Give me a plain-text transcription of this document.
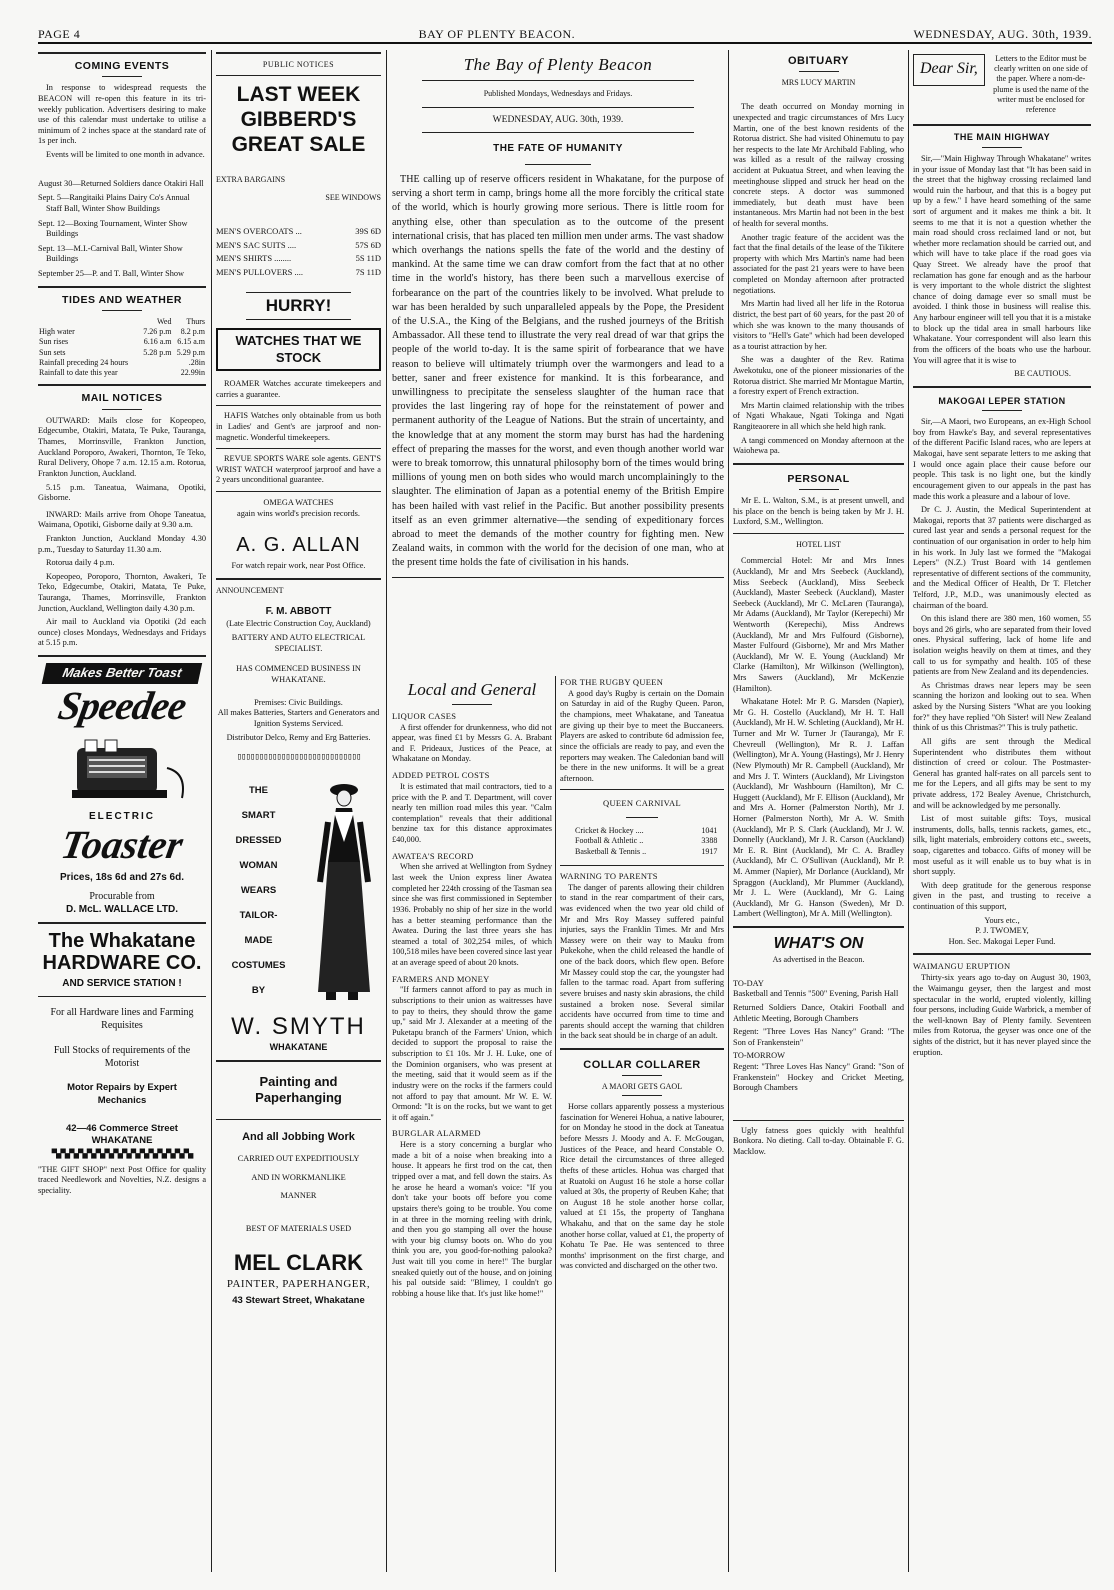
PAGE 4	BAY OF PLENTY BEACON.	WEDNESDAY, AUG. 30th, 1939.
COMING EVENTS

In response to widespread requests the BEACON will re-open this feature in its tri-weekly publication. Advertisers desiring to make use of this calendar must undertake to utilise a minimum of 2 inches space at the standard rate of 1s per inch.

Events will be limited to one month in advance.

August 30—Returned Soldiers dance Otakiri Hall

Sept. 5—Rangitaiki Plains Dairy Co's Annual Staff Ball, Winter Show Buildings

Sept. 12—Boxing Tournament, Winter Show Buildings

Sept. 13—M.I.-Carnival Ball, Winter Show Buildings

September 25—P. and T. Ball, Winter Show

TIDES AND WEATHER
	Wed	Thurs
High water	7.26 p.m	8.2 p.m
Sun rises	6.16 a.m	6.15 a.m
Sun sets	5.28 p.m	5.29 p.m
Rainfall preceding 24 hours	.28in	
Rainfall to date this year	22.99in	
MAIL NOTICES

OUTWARD: Mails close for Kopeopeo, Edgecumbe, Otakiri, Matata, Te Puke, Tauranga, Thames, Morrinsville, Frankton Junction, Auckland Poroporo, Awakeri, Thornton, Te Teko, Rural Delivery, Ohope 7 a.m. 12.15 a.m. Rotorua, Frankton Junction, Auckland.

5.15 p.m. Taneatua, Waimana, Opotiki, Gisborne.

INWARD: Mails arrive from Ohope Taneatua, Waimana, Opotiki, Gisborne daily at 9.30 a.m.

Frankton Junction, Auckland Monday 4.30 p.m., Tuesday to Saturday 11.30 a.m.

Rotorua daily 4 p.m.

Kopeopeo, Poroporo, Thornton, Awakeri, Te Teko, Edgecumbe, Otakiri, Matata, Te Puke, Tauranga, Thames, Morrinsville, Frankton Junction, Auckland, Wellington daily 4.30 p.m.

Air mail to Auckland via Opotiki (2d each ounce) closes Mondays, Wednesdays and Fridays at 5.15 p.m.

Makes Better Toast
Speedee
ELECTRIC
Toaster
Prices, 18s 6d and 27s 6d.
Procurable from
D. McL. WALLACE LTD.
The Whakatane
HARDWARE CO.
AND SERVICE STATION !
For all Hardware lines and Farming Requisites
Full Stocks of requirements of the Motorist
Motor Repairs by Expert Mechanics
42—46 Commerce Street
WHAKATANE
▀▄▀▄▀▄▀▄▀▄▀▄▀▄▀▄▀▄▀▄▀▄▀▄▀▄▀▄▀▄▀▄

"THE GIFT SHOP" next Post Office for quality traced Needlework and Novelties, N.Z. designs a speciality.

PUBLIC NOTICES
LAST WEEK
GIBBERD'S
GREAT SALE
EXTRA BARGAINS
SEE WINDOWS
MEN'S OVERCOATS ...	39S 6D
MEN'S SAC SUITS ....	57S 6D
MEN'S SHIRTS ........	5S 11D
MEN'S PULLOVERS ....	7S 11D
HURRY!
WATCHES THAT WE STOCK

ROAMER Watches accurate timekeepers and carries a guarantee.

HAFIS Watches only obtainable from us both in Ladies' and Gent's are jarproof and non-magnetic. Wonderful timekeepers.

REVUE SPORTS WARE sole agents. GENT'S WRIST WATCH waterproof jarproof and have a 2 years unconditional guarantee.

OMEGA WATCHES
again wins world's precision records.
A. G. ALLAN
For watch repair work, near Post Office.
ANNOUNCEMENT
F. M. ABBOTT
(Late Electric Construction Coy, Auckland)
BATTERY AND AUTO ELECTRICAL SPECIALIST.
HAS COMMENCED BUSINESS IN WHAKATANE.
Premises: Civic Buildings.
All makes Batteries, Starters and Generators and Ignition Systems Serviced.
Distributor Delco, Remy and Erg Batteries.
▯▯▯▯▯▯▯▯▯▯▯▯▯▯▯▯▯▯▯▯▯▯▯▯▯▯▯▯
THE
SMART
DRESSED
WOMAN
WEARS
TAILOR-
MADE
COSTUMES
BY
W. SMYTH
WHAKATANE
Painting and Paperhanging
And all Jobbing Work
CARRIED OUT EXPEDITIOUSLY
AND IN WORKMANLIKE
MANNER
BEST OF MATERIALS USED
MEL CLARK
PAINTER, PAPERHANGER,
43 Stewart Street, Whakatane
The Bay of Plenty Beacon
Published Mondays, Wednesdays and Fridays.
WEDNESDAY, AUG. 30th, 1939.
THE FATE OF HUMANITY

THE calling up of reserve officers resident in Whakatane, for the purpose of serving a short term in camp, brings home all the more forcibly the critical state of the world, which is hourly growing more serious. There is little room for anything else, other than speculation as to the outcome of the present international crisis, that has placed ten million men under arms. The vast shadow which overhangs the nations spells the fate of the world and the destiny of mankind. At the same time we can draw comfort from the fact that at no other time in the world's history, has there been such a marvellous exercise of forbearance on the part of the countries likely to be involved. What prelude to war has been heralded by such unparalleled appeals by the Pope, the President of the U.S.A., the King of the Belgians, and the rushed journeys of the British Ambassador. All these tend to illustrate the very real dread of war that grips the people of the world to-day. It is the same spirit of forbearance that we have reason to believe will ultimately triumph over the warmongers and lead to a better, saner and freer existence for mankind. It is this forbearance, and unwillingness to precipitate the senseless slaughter of the human race that provides the last lingering ray of hope for the reinstatement of power and permanent authority of the League of Nations. But the strain of uncertainty, and the knowledge that at any moment the storm may burst has had the hardening effect of preparing the masses for the worst, and even though another world war were to break tomorrow, this unnatural philosophy born of the times would bring millions of young men on both sides who would march uncomplainingly to the slaughter. The elimination of Japan as a potential enemy of the British Empire has been hailed with vast relief in the Pacific. But another possibility presents itself as an even grimmer alternative—the sending of expeditionary forces abroad to meet the demands of the mother country for fighting men. New Zealand waits, in common with the world for the decision of one man, who at the present time holds the fate of civilisation in his hands.

Local and General
LIQUOR CASES

A first offender for drunkenness, who did not appear, was fined £1 by Messrs G. A. Brabant and F. Prideaux, Justices of the Peace, at Whakatane on Monday.

ADDED PETROL COSTS

It is estimated that mail contractors, tied to a price with the P. and T. Department, will cover nearly ten million road miles this year. "Calm contemplation" reveals that their additional benzine tax for this distance approximates £40,000.

AWATEA'S RECORD

When she arrived at Wellington from Sydney last week the Union express liner Awatea completed her 224th crossing of the Tasman sea since she was first commissioned in September 1936. Probably no ship of her size in the world has a better steaming performance than the Awatea. During the last three years she has steamed a total of 302,254 miles, of which 100,518 miles have been covered since last year at an average speed of about 20 knots.

FARMERS AND MONEY

"If farmers cannot afford to pay as much in subscriptions to their union as waitresses have to pay to theirs, they should throw the game up," said Mr J. Alexander at a meeting of the Puketapu branch of the Farmers' Union, which decided to support the proposal to raise the subscription to £1 10s. Mr J. H. Luke, one of the Dominion organisers, who was present at the meeting, said that it would seem as if the industry were on the rocks if the farmers could not afford to pay that amount. Mr W. E. W. Ormond: "It is on the rocks, but we want to get it off again."

BURGLAR ALARMED

Here is a story concerning a burglar who made a bit of a noise when breaking into a house. It appears he first trod on the cat, then tripped over a mat, and fell down the stairs. As he arose he heard a woman's voice: "If you don't take your boots off before you come upstairs there's going to be trouble. You come in at three in the morning reeling with drink, and then you go stamping all over the house with your big clumsy boots on. Who do you think you are, you good-for-nothing palooka? Just wait till you come in here!" The burglar sneaked quietly out of the house, and on joining his pal outside said: "Blimey, I couldn't go robbing a house like that. It's just like home!"

FOR THE RUGBY QUEEN

A good day's Rugby is certain on the Domain on Saturday in aid of the Rugby Queen. Paron, the champions, meet Whakatane, and Taneatua are giving up their bye to meet the Buccaneers. Players are asked to contribute 6d admission fee, since the officials are ready to pay, and even the reporters may weaken. The Caledonian band will be there in the new uniforms. It will be a great afternoon.

QUEEN CARNIVAL
Cricket & Hockey ....	1041
Football & Athletic ..	3388
Basketball & Tennis ..	1917
WARNING TO PARENTS

The danger of parents allowing their children to stand in the rear compartment of their cars, was evidenced when the two year old child of Mr and Mrs Roy Massey suffered painful injuries, says the Franklin Times. Mr and Mrs Massey were on their way to Mauku from Pukekohe, when the child released the handle of one of the back doors, which flew open. Before Mr Massey could stop the car, the youngster had fallen to the tarmac road. Apart from suffering severe bruises and nasty skin abrasions, the child sustained a broken nose. Several similar accidents have occurred from time to time and parents should accept the warning that children in the back seat should be in charge of an adult.

COLLAR COLLARER
A MAORI GETS GAOL

Horse collars apparently possess a mysterious fascination for Wenerei Hohua, a native labourer, for on Monday he stood in the dock at Taneatua before Messrs J. Moody and A. F. McGougan, Justices of the Peace, and heard Constable O. Rice detail the circumstances of three alleged thefts of these articles. Hohua was charged that at Ruatoki on August 16 he stole a horse collar valued at 30s, the property of Reuben Kahe; that on August 18 he stole another horse collar, valued at £1 15s, the property of Tanghana Whakahu, and that on the same day he stole another horse collar, valued at £1, the property of Kohatu Te Pae. He was sentenced to three months' imprisonment on the first charge, and was convicted and discharged on the other two.

OBITUARY
MRS LUCY MARTIN

The death occurred on Monday morning in unexpected and tragic circumstances of Mrs Lucy Martin, one of the best known residents of the Rotorua district. She had visited Ohinemutu to pay her respects to the late Mr Archibald Fabling, who was killed as a result of the railway crossing accident at Pukuatua Street, and when leaving the meetinghouse slipped and struck her head on the concrete steps. A doctor was summoned immediately, but death must have been instantaneous. Mrs Martin had not been in the best of health for several months.

Another tragic feature of the accident was the fact that the final details of the lease of the Tikitere property with which Mrs Martin's name had been associated for the past 21 years were to have been completed on Monday afternoon after protracted negotiations.

Mrs Martin had lived all her life in the Rotorua district, the best part of 60 years, for the past 20 of which she was known to the many thousands of visitors to "Hell's Gate" which had been developed as a tourist attraction by her.

She was a daughter of the Rev. Ratima Awekotuku, one of the pioneer missionaries of the Rotorua district. She married Mr Montague Martin, a forestry expert of French extraction.

Mrs Martin claimed relationship with the tribes of Ngati Whakaue, Ngati Tokinga and Ngati Rangiteaorere in all which she held high rank.

A tangi commenced on Monday afternoon at the Waiohewa pa.

PERSONAL

Mr E. L. Walton, S.M., is at present unwell, and his place on the bench is being taken by Mr J. H. Luxford, S.M., Wellington.

HOTEL LIST

Commercial Hotel: Mr and Mrs Innes (Auckland), Mr and Mrs Seebeck (Auckland), Miss Seebeck (Auckland), Miss Seebeck (Auckland), Master Seebeck (Auckland), Master Seebeck (Auckland), Mr C. McLaren (Tauranga), Mr Adams (Auckland), Mr Taylor (Kerepechi) Mr Wentworth (Kerepechi), Miss Andrews (Auckland), Mr and Mrs Fulfourd (Gisborne), Master Fulfourd (Gisborne), Mr and Mrs Mather (Auckland), Mr W. E. Young (Auckland) Mr Clarke (Hamilton), Mr Wilkinson (Wellington), Mrs Sawers (Auckland), Mr McKenzie (Hamilton).

Whakatane Hotel: Mr P. G. Marsden (Napier), Mr G. H. Costello (Auckland), Mr H. T. Hall (Auckland), Mr H. W. Schleting (Auckland), Mr H. Turner and Mr W. Turner Jr (Tauranga), Mr F. Chevreull (Wellington), Mr R. J. Laffan (Wellington), Mr A. Young (Hastings), Mr J. Henry (New Plymouth) Mr R. Campbell (Auckland), Mr and Mrs J. T. Winters (Auckland), Mr Livingston (Auckland), Mr Washbourn (Hamilton), Mr C. Huggett (Auckland), Mr F. Ellison (Auckland), Mr and Mrs A. Horner (Palmerston North), Mr J. Horner (Palmerston North), Mr A. W. Smith (Auckland), Mr P. S. Clark (Auckland), Mr J. W. Donnelly (Auckland), Mr J. R. Carson (Auckland) Mr E. R. Bint (Auckland), Mr C. A. Bradley (Auckland), Mr C. O'Sullivan (Auckland), Mr P. M. Ammer (Napier), Mr Dorlance (Auckland), Mr Spraggon (Auckland), Mr Plummer (Auckland), Mr J. L. Were (Auckland), Mr G. Laing (Auckland), Mr G. Hanson (Sweden), Mr D. Lambert (Wellington), Mr A. Mill (Wellington).

WHAT'S ON
As advertised in the Beacon.
TO-DAY

Basketball and Tennis "500" Evening, Parish Hall

Returned Soldiers Dance, Otakiri Football and Athletic Meeting, Borough Chambers

Regent: "Three Loves Has Nancy" Grand: "The Son of Frankenstein"

TO-MORROW

Regent: "Three Loves Has Nancy" Grand: "Son of Frankenstein" Hockey and Cricket Meeting, Borough Chambers

Ugly fatness goes quickly with healthful Bonkora. No dieting. Call to-day. Obtainable F. G. Macklow.

Dear Sir,

Letters to the Editor must be clearly written on one side of the paper. Where a nom-de-plume is used the name of the writer must be enclosed for reference

THE MAIN HIGHWAY

Sir,—"Main Highway Through Whakatane" writes in your issue of Monday last that "It has been said in the street that the highway crossing reclaimed land would ruin the harbour, and that this is a bogey put up by a few." I have heard something of the same sort of argument and it makes me think a bit. It seems to me that it is not a question whether the main road should cross reclaimed land or not, but whether more reclamation should be carried out, and which will have to take place if the road goes via Quay Street. We already have the proof that reclamation has gone far enough and as the harbour is very important to the whole district the slightest chance of doing damage ever so small must be avoided. I think those in business will realise this. Any harbour engineer will tell you that it is a mistake to block up the tidal area in small harbours like Whakatane. Your correspondent will also learn this from the officers of the boats who use the harbour. You will agree that it is wise to

BE CAUTIOUS.
MAKOGAI LEPER STATION

Sir,—A Maori, two Europeans, an ex-High School boy from Hawke's Bay, and several representatives of the different Pacific Island races, who are lepers at Makogai, have sent separate letters to me asking that I would once again place their cause before our people. This task is no light one, but the kindly encouragement given to our appeals in the past has made this work a pleasure and a labour of love.

Dr C. J. Austin, the Medical Superintendent at Makogai, reports that 37 patients were discharged as cured last year and sends a personal request for the continuation of our organisation in order to help him in his work. In July last we formed the "Makogai Lepers" (N.Z.) Trust Board with 14 gentlemen representative of different sections of the community, and the Medical Officer of Health, Dr T. Fletcher Telford, J.P., M.D., was unanimously elected as chairman of the board.

On this island there are 380 men, 160 women, 55 boys and 26 girls, who are separated from their loved ones. Physical suffering, lack of home life and isolation weighs heavily on them at times, and they call to us for sympathy and health. 105 of these patients are from New Zealand and its dependencies.

As Christmas draws near lepers may be seen scanning the horizon and looking out to sea. When asked by the Nursing Sisters "What are you looking for?" they have replied "Oh Sister! will New Zealand think of us this Christmas?" This is truly pathetic.

All gifts are sent through the Medical Superintendent who distributes them without distinction of creed or colour. The Postmaster-General has granted half-rates on all parcels sent to me for the Lepers, and all gifts may be sent to my private address, 172 Bealey Avenue, Christchurch, and will be acknowledged by me personally.

List of most suitable gifts: Toys, musical instruments, dolls, balls, tennis rackets, games, etc., silk, light materials, embroidery cottons etc., sweets, soap, cigarettes and tobacco. Gifts of money will be most useful as it will enable us to buy what is in short supply.

With deep gratitude for the generous response given in the past, and trusting to receive a continuation of this support,

Yours etc.,
P. J. TWOMEY,
Hon. Sec. Makogai Leper Fund.
WAIMANGU ERUPTION

Thirty-six years ago to-day on August 30, 1903, the Waimangu geyser, then the largest and most spectacular in the world, erupted violently, killing four persons, including Guide Warbrick, a member of the well-known Bay of Plenty family. Seventeen miles from Rotorua, the geyser was once one of the sights of the district, but it has never played since the eruption.
